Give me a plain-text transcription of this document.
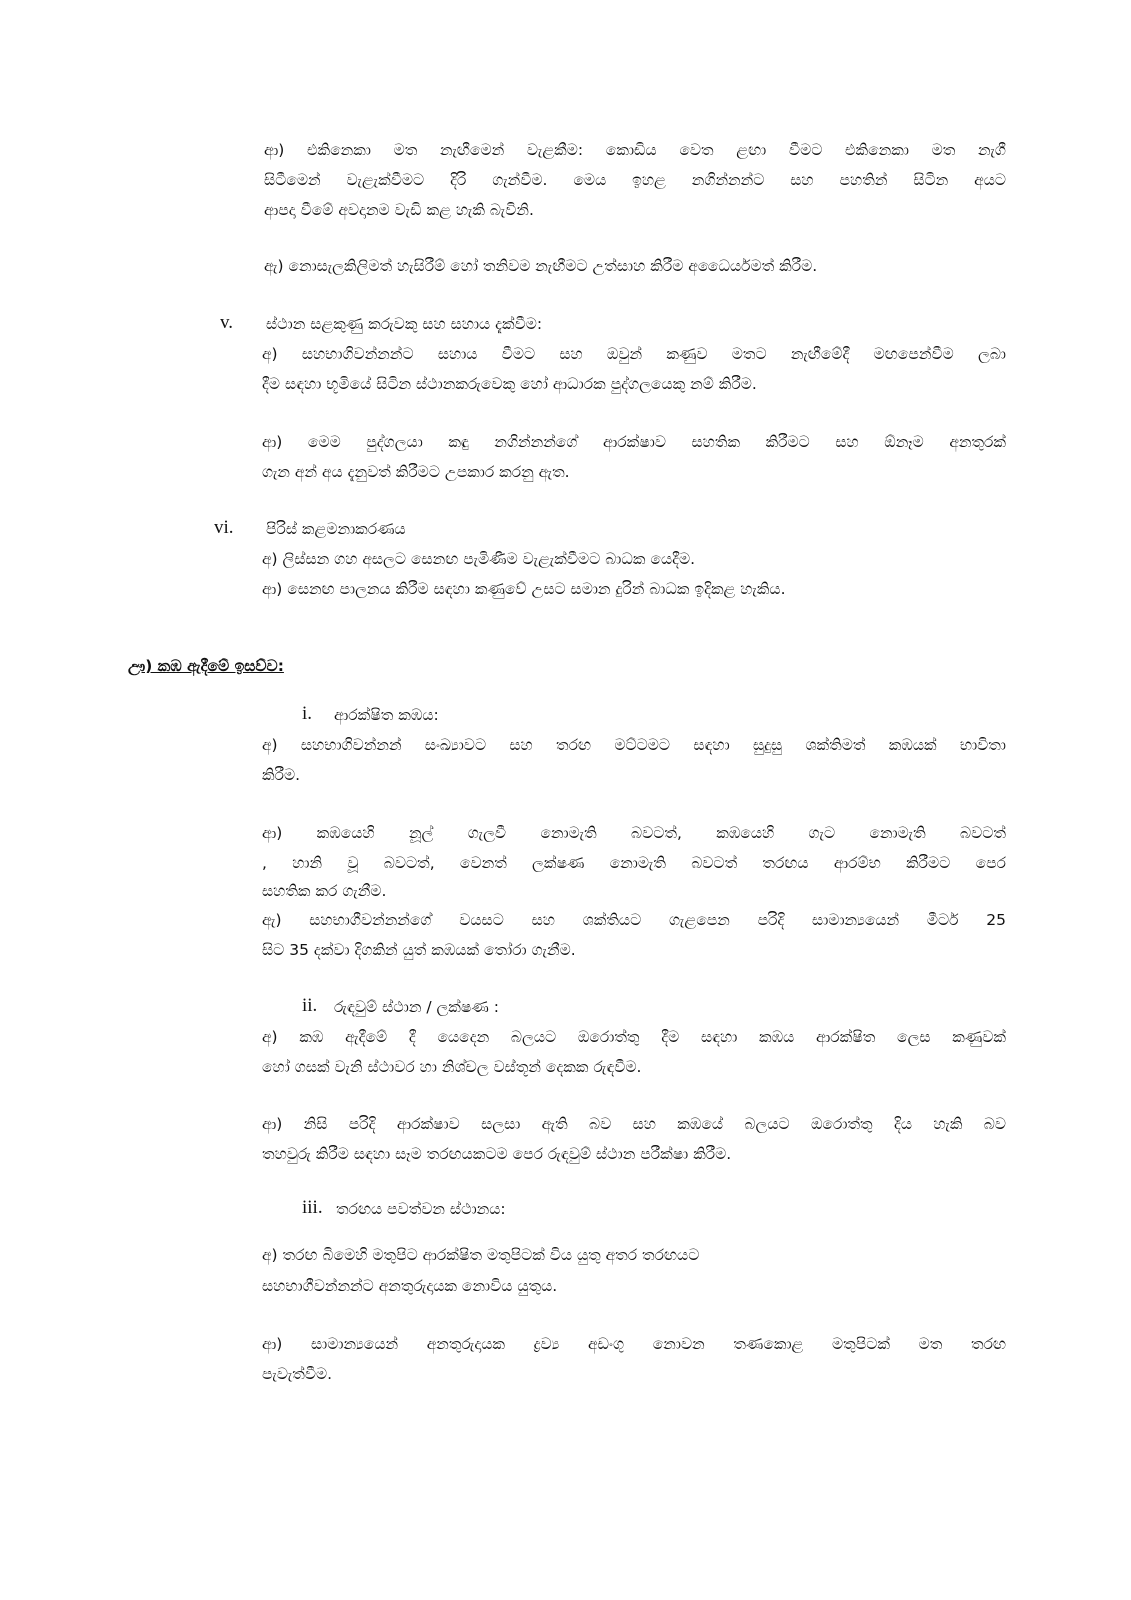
ආ) එකිනෙකා මත නැඟීමෙන් වැළකීම: කොඩිය වෙත ළඟා වීමට එකිනෙකා මත නැගී

සිටීමෙන් වැළැක්වීමට දිරි ගැන්වීම. මෙය ඉහළ නගින්නන්ට සහ පහතින් සිටින අයට

ආපදා වීමේ අවදානම වැඩි කළ හැකි බැවිනි.

ඇ) නොසැලකිලිමත් හැසිරීම් හෝ තනිවම නැඟීමට උත්සාහ කිරීම අධෛර්යමත් කිරීම.

v. ස්ථාන සළකුණු කරුවකු සහ සහාය දැක්වීම:

අ) සහභාගිවන්නන්ට සහාය වීමට සහ ඔවුන් කණුව මතට නැඟීමේදී මඟපෙන්වීම ලබා

දීම සඳහා භූමියේ සිටින ස්ථානකරුවෙකු හෝ ආධාරක පුද්ගලයෙකු නම් කිරීම.

ආ) මෙම පුද්ගලයා කඳු නගින්නන්ගේ ආරක්ෂාව සහතික කිරීමට සහ ඕනෑම අනතුරක්

ගැන අන් අය දැනුවත් කිරීමට උපකාර කරනු ඇත.

vi. පිරිස් කළමනාකරණය

අ) ලිස්සන ගහ අසලට සෙනඟ පැමිණීම වැළැක්වීමට බාධක යෙදීම.

ආ) සෙනඟ පාලනය කිරීම සඳහා කණුවේ උසට සමාන දුරින් බාධක ඉදිකළ හැකිය.

ඌ) කඹ ඇදීමේ ඉසව්ව:

i. ආරක්ෂිත කඹය:

අ) සහභාගිවන්නන් සංඛ්‍යාවට සහ තරඟ මට්ටමට සඳහා සුදුසු ශක්තිමත් කඹයක් භාවිතා

කිරීම.

ආ) කඹයෙහි නූල් ගැලවී නොමැති බවටත්, කඹයෙහි ගැට නොමැති බවටත්

, හානි වූ බවටත්, වෙනත් ලක්ෂණ නොමැති බවටත් තරඟය ආරම්භ කිරීමට පෙර

සහතික කර ගැනීම.

ඇ) සහභාගීවන්නන්ගේ වයසට සහ ශක්තියට ගැළපෙන පරිදි සාමාන්‍යයෙන් මීටර් 25

සිට 35 දක්වා දිගකින් යුත් කඹයක් තෝරා ගැනීම.

ii. රුඳවුම් ස්ථාන / ලක්ෂණ :

අ) කඹ ඇදීමේ දී යෙදෙන බලයට ඔරොත්තු දීම සඳහා කඹය ආරක්ෂිත ලෙස කණුවක්

හෝ ගසක් වැනි ස්ථාවර හා නිශ්චල වස්තූන් දෙකක රුඳවීම.

ආ) නිසි පරිදි ආරක්ෂාව සලසා ඇති බව සහ කඹයේ බලයට ඔරොත්තු දිය හැකි බව

තහවුරු කිරීම සඳහා සෑම තරඟයකටම පෙර රුඳවුම් ස්ථාන පරීක්ෂා කිරීම.

iii. තරඟය පවත්වන ස්ථානය:

අ) තරඟ බිමෙහි මතුපිට ආරක්ෂිත මතුපිටක් විය යුතු අතර තරඟයට

සහභාගීවන්නන්ට අනතුරුදායක නොවිය යුතුය.

ආ) සාමාන්‍යයෙන් අනතුරුදායක ද්‍රව්‍ය අඩංගු නොවන තණකොළ මතුපිටක් මත තරඟ

පැවැත්වීම.
